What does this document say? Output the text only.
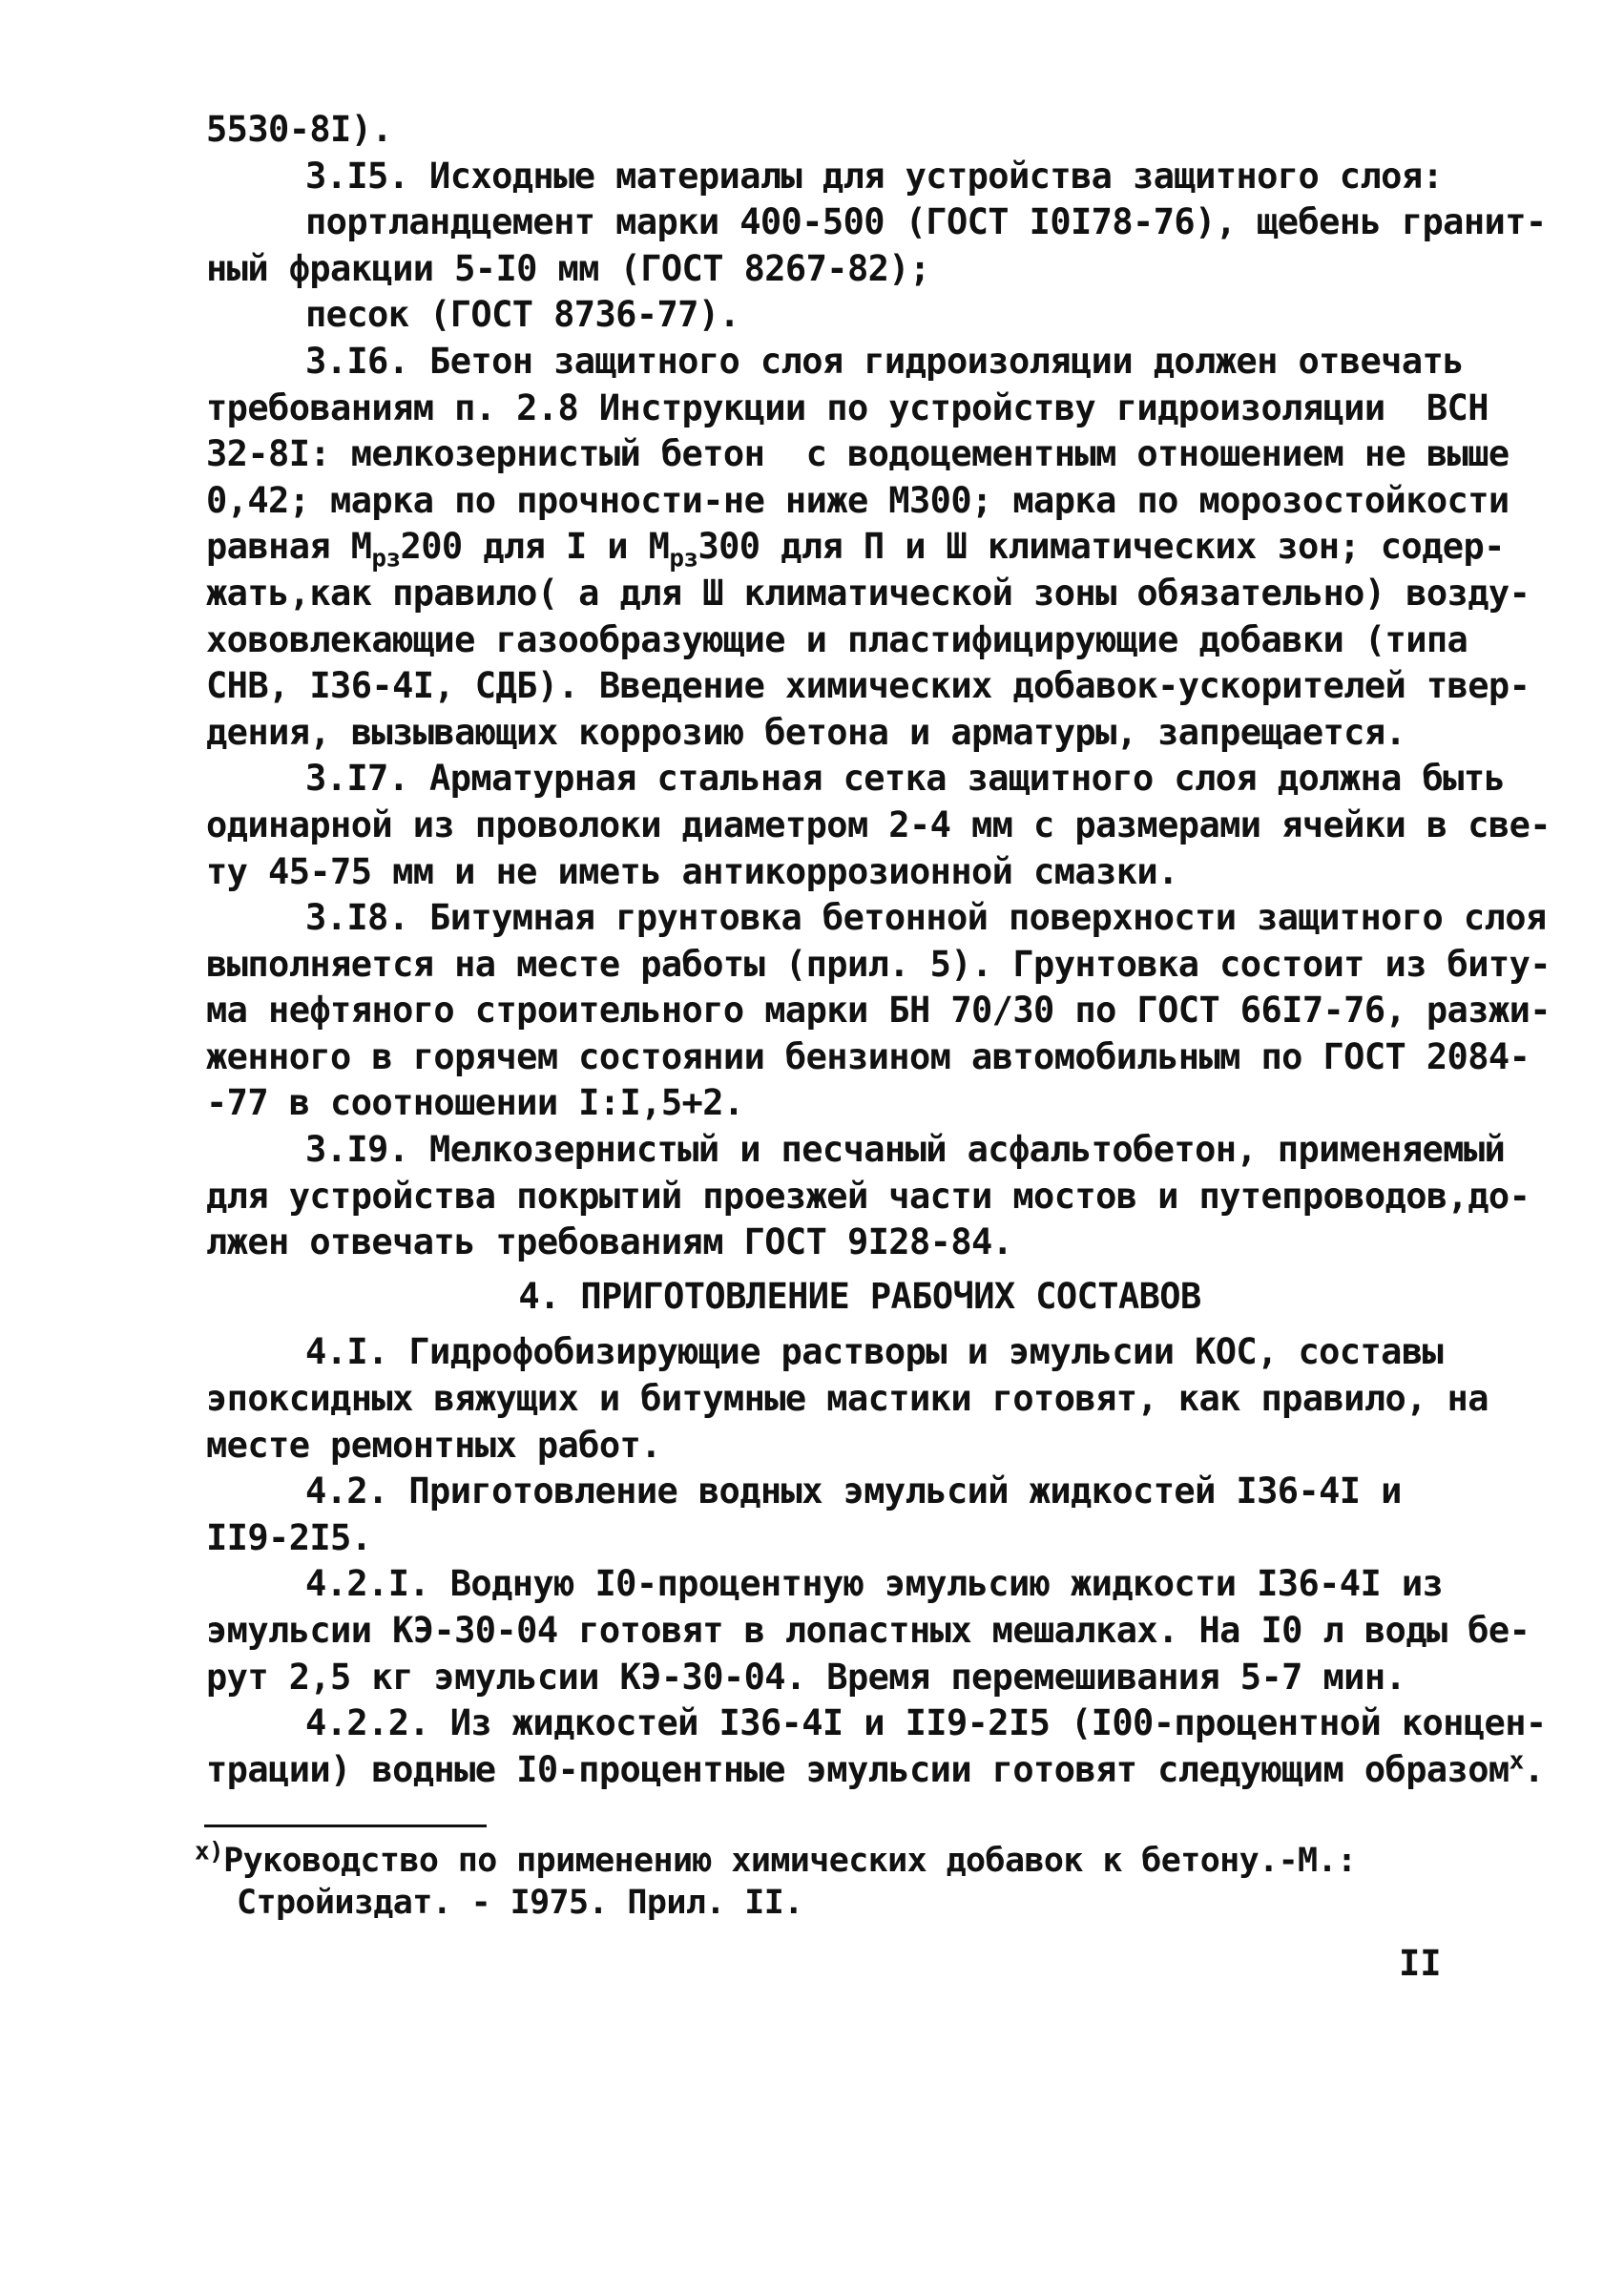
5530-8I).
3.I5. Исходные материалы для устройства защитного слоя:
портландцемент марки 400-500 (ГОСТ I0I78-76), щебень гранит-
ный фракции 5-I0 мм (ГОСТ 8267-82);
песок (ГОСТ 8736-77).
3.I6. Бетон защитного слоя гидроизоляции должен отвечать
требованиям п. 2.8 Инструкции по устройству гидроизоляции  ВСН
32-8I: мелкозернистый бетон  с водоцементным отношением не выше
0,42; марка по прочности-не ниже М300; марка по морозостойкости
равная $М_{рз}200$ для I и $М_{рз}300$ для П и Ш климатических зон; содер-
жать,как правило( а для Ш климатической зоны обязательно) возду-
хововлекающие газообразующие и пластифицирующие добавки (типа
СНВ, I36-4I, СДБ). Введение химических добавок-ускорителей твер-
дения, вызывающих коррозию бетона и арматуры, запрещается.
3.I7. Арматурная стальная сетка защитного слоя должна быть
одинарной из проволоки диаметром 2-4 мм с размерами ячейки в све-
ту 45-75 мм и не иметь антикоррозионной смазки.
3.I8. Битумная грунтовка бетонной поверхности защитного слоя
выполняется на месте работы (прил. 5). Грунтовка состоит из биту-
ма нефтяного строительного марки БН 70/30 по ГОСТ 66I7-76, разжи-
женного в горячем состоянии бензином автомобильным по ГОСТ 2084-
-77 в соотношении I:I,5+2.
3.I9. Мелкозернистый и песчаный асфальтобетон, применяемый
для устройства покрытий проезжей части мостов и путепроводов,до-
лжен отвечать требованиям ГОСТ 9I28-84.
4. ПРИГОТОВЛЕНИЕ РАБОЧИХ СОСТАВОВ
4.I. Гидрофобизирующие растворы и эмульсии КОС, составы
эпоксидных вяжущих и битумные мастики готовят, как правило, на
месте ремонтных работ.
4.2. Приготовление водных эмульсий жидкостей I36-4I и
II9-2I5.
4.2.I. Водную I0-процентную эмульсию жидкости I36-4I из
эмульсии КЭ-30-04 готовят в лопастных мешалках. На I0 л воды бе-
рут 2,5 кг эмульсии КЭ-30-04. Время перемешивания 5-7 мин.
4.2.2. Из жидкостей I36-4I и II9-2I5 (I00-процентной концен-
трации) водные I0-процентные эмульсии готовят следующим образом$^х$.
$^{х)}$Руководство по применению химических добавок к бетону.-М.:
Стройиздат. - I975. Прил. II.
II
